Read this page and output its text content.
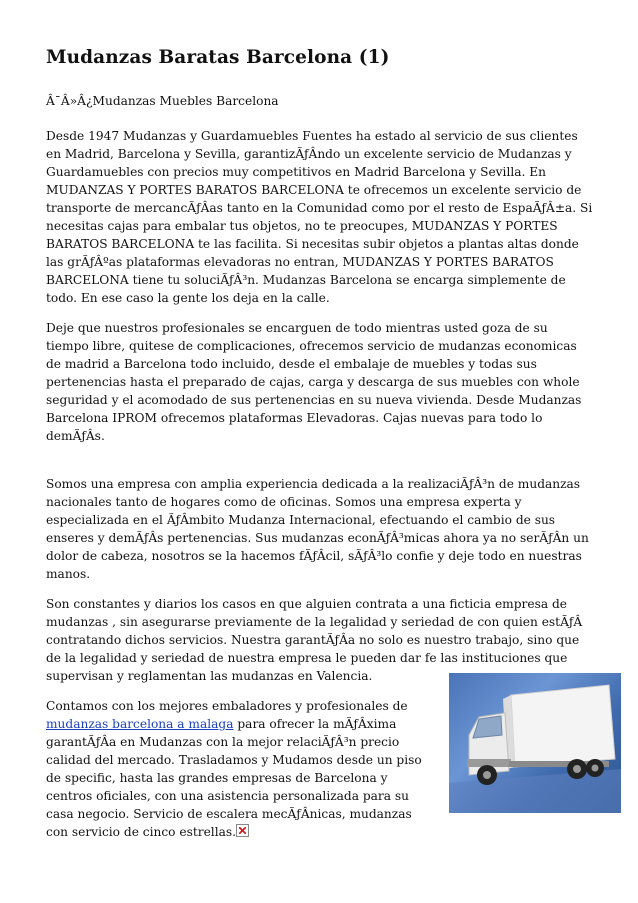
Mudanzas Baratas Barcelona (1)
Â¯Â»Â¿Mudanzas Muebles Barcelona

Desde 1947 Mudanzas y Guardamuebles Fuentes ha estado al servicio de sus clientes en Madrid, Barcelona y Sevilla, garantizÃƒÂndo un excelente servicio de Mudanzas y Guardamuebles con precios muy competitivos en Madrid Barcelona y Sevilla. En MUDANZAS Y PORTES BARATOS BARCELONA te ofrecemos un excelente servicio de transporte de mercancÃƒÂas tanto en la Comunidad como por el resto de EspaÃƒÂ±a. Si necesitas cajas para embalar tus objetos, no te preocupes, MUDANZAS Y PORTES BARATOS BARCELONA te las facilita. Si necesitas subir objetos a plantas altas donde las grÃƒÂºas plataformas elevadoras no entran, MUDANZAS Y PORTES BARATOS BARCELONA tiene tu soluciÃƒÂ³n. Mudanzas Barcelona se encarga simplemente de todo. En ese caso la gente los deja en la calle.

Deje que nuestros profesionales se encarguen de todo mientras usted goza de su tiempo libre, quitese de complicaciones, ofrecemos servicio de mudanzas economicas de madrid a Barcelona todo incluido, desde el embalaje de muebles y todas sus pertenencias hasta el preparado de cajas, carga y descarga de sus muebles con whole seguridad y el acomodado de sus pertenencias en su nueva vivienda. Desde Mudanzas Barcelona IPROM ofrecemos plataformas Elevadoras. Cajas nuevas para todo lo demÃƒÂs.

Somos una empresa con amplia experiencia dedicada a la realizaciÃƒÂ³n de mudanzas nacionales tanto de hogares como de oficinas. Somos una empresa experta y especializada en el ÃƒÂmbito Mudanza Internacional, efectuando el cambio de sus enseres y demÃƒÂs pertenencias. Sus mudanzas econÃƒÂ³micas ahora ya no serÃƒÂn un dolor de cabeza, nosotros se la hacemos fÃƒÂcil, sÃƒÂ³lo confie y deje todo en nuestras manos.

Son constantes y diarios los casos en que alguien contrata a una ficticia empresa de mudanzas , sin asegurarse previamente de la legalidad y seriedad de con quien estÃƒÂ contratando dichos servicios. Nuestra garantÃƒÂa no solo es nuestro trabajo, sino que de la legalidad y seriedad de nuestra empresa le pueden dar fe las instituciones que supervisan y reglamentan las mudanzas en Valencia.

Contamos con los mejores embaladores y profesionales de mudanzas barcelona a malaga para ofrecer la mÃƒÂxima garantÃƒÂa en Mudanzas con la mejor relaciÃƒÂ³n precio calidad del mercado. Trasladamos y Mudamos desde un piso de specific, hasta las grandes empresas de Barcelona y centros oficiales, con una asistencia personalizada para su casa negocio. Servicio de escalera mecÃƒÂnicas, mudanzas con servicio de cinco estrellas.
